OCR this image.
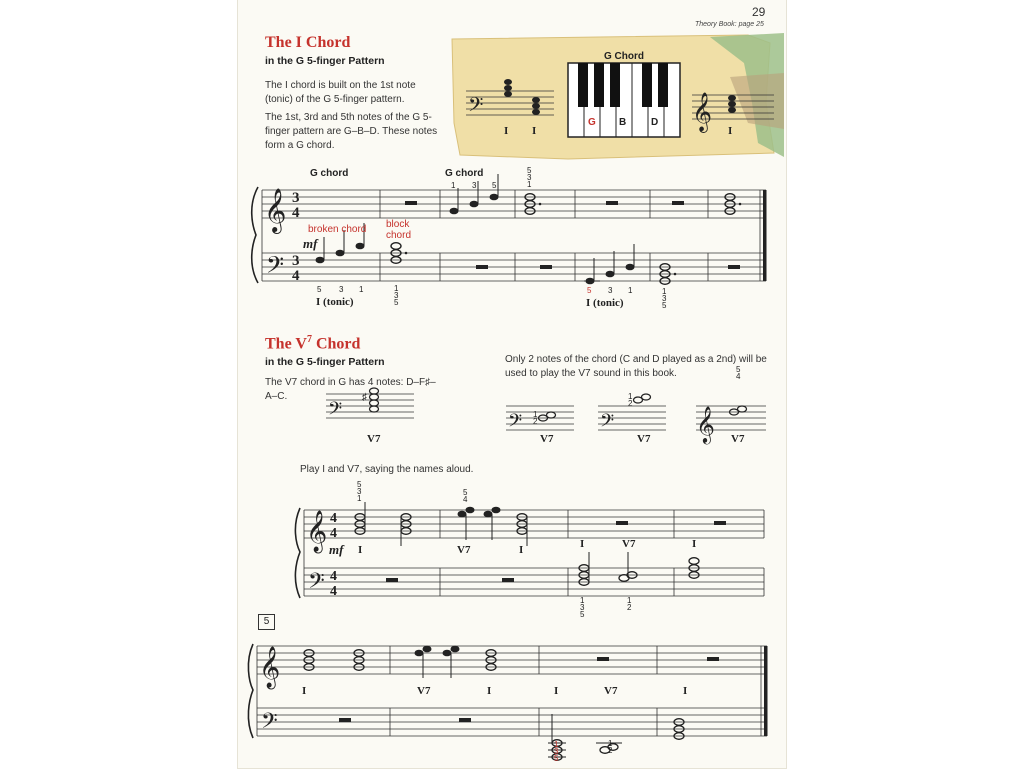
29
Theory Book: page 25
The I Chord
in the G 5-finger Pattern
The I chord is built on the 1st note (tonic) of the G 5-finger pattern.
The 1st, 3rd and 5th notes of the G 5-finger pattern are G–B–D. These notes form a G chord.
𝄢	𝄞
G Chord
G B D
I I	I
G chord	G chord
𝄞
𝄢
3
4
3
4
mf
broken chord block
chord
1 3 5
5
3
1
5 3 1	1
3
5
I (tonic)
5 3 1	1
3
5
I (tonic)
The $V^7$ Chord
in the G 5-finger Pattern
The V7 chord in G has 4 notes: D–F♯–A–C.
Only 2 notes of the chord (C and D played as a 2nd) will be used to play the V7 sound in this book.
𝄢	𝄢	𝄢	𝄞
♯
V7	V7	V7	V7
1
2
1
2
5
4
Play I and V7, saying the names aloud.
𝄞
𝄢
4
4
4
4
mf
5
3
1
5
4
I	V7	I	I	V7	I
1
3
5
1
2
5
𝄞
𝄢
I	V7	I	I	V7	I
1
3
5
1
2
